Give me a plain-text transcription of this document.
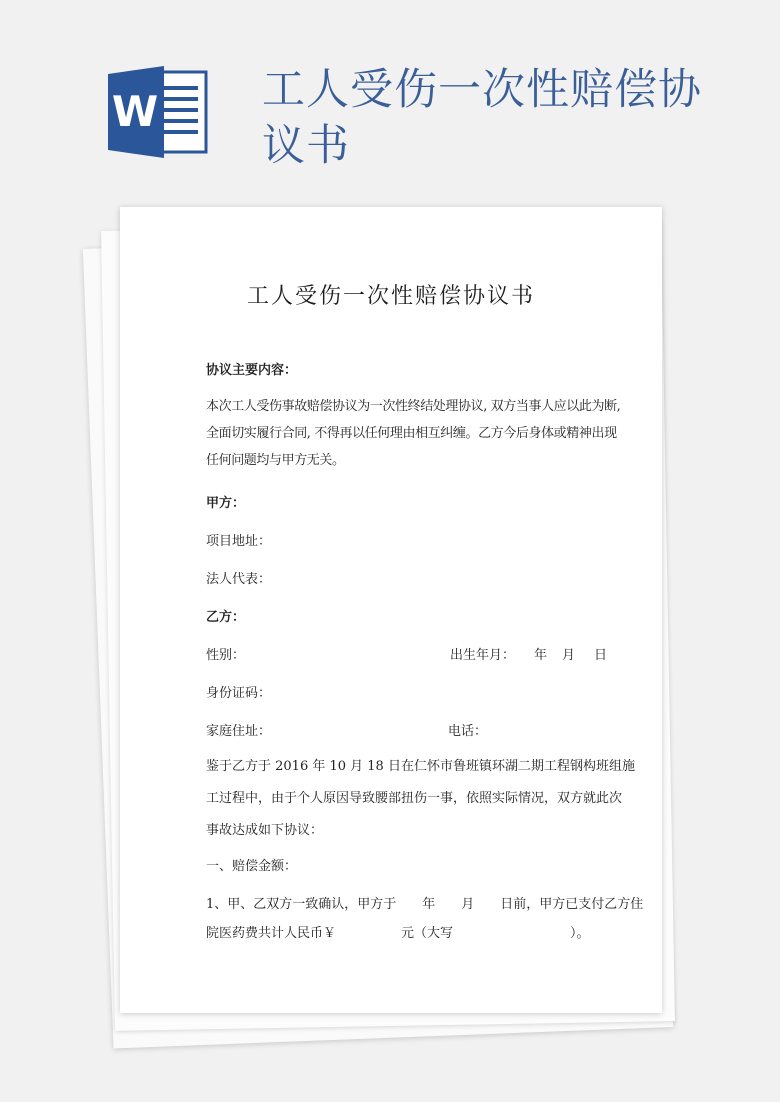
W 工人受伤一次性赔偿协议书
工人受伤一次性赔偿协议书
协议主要内容：
本次工人受伤事故赔偿协议为一次性终结处理协议, 双方当事人应以此为断,
全面切实履行合同, 不得再以任何理由相互纠缠。乙方今后身体或精神出现
任何问题均与甲方无关。
甲方：
项目地址：
法人代表：
乙方：
性别：	出生年月： 年 月 日
身份证码：
家庭住址：	电话：
鉴于乙方于 2016 年 10 月 18 日在仁怀市鲁班镇环湖二期工程钢构班组施
工过程中，由于个人原因导致腰部扭伤一事，依照实际情况，双方就此次
事故达成如下协议：
一、赔偿金额：
1、甲、乙双方一致确认，甲方于　　年　　月　　日前，甲方已支付乙方住
院医药费共计人民币￥　　　　　元（大写　　　　　　　　　）。
